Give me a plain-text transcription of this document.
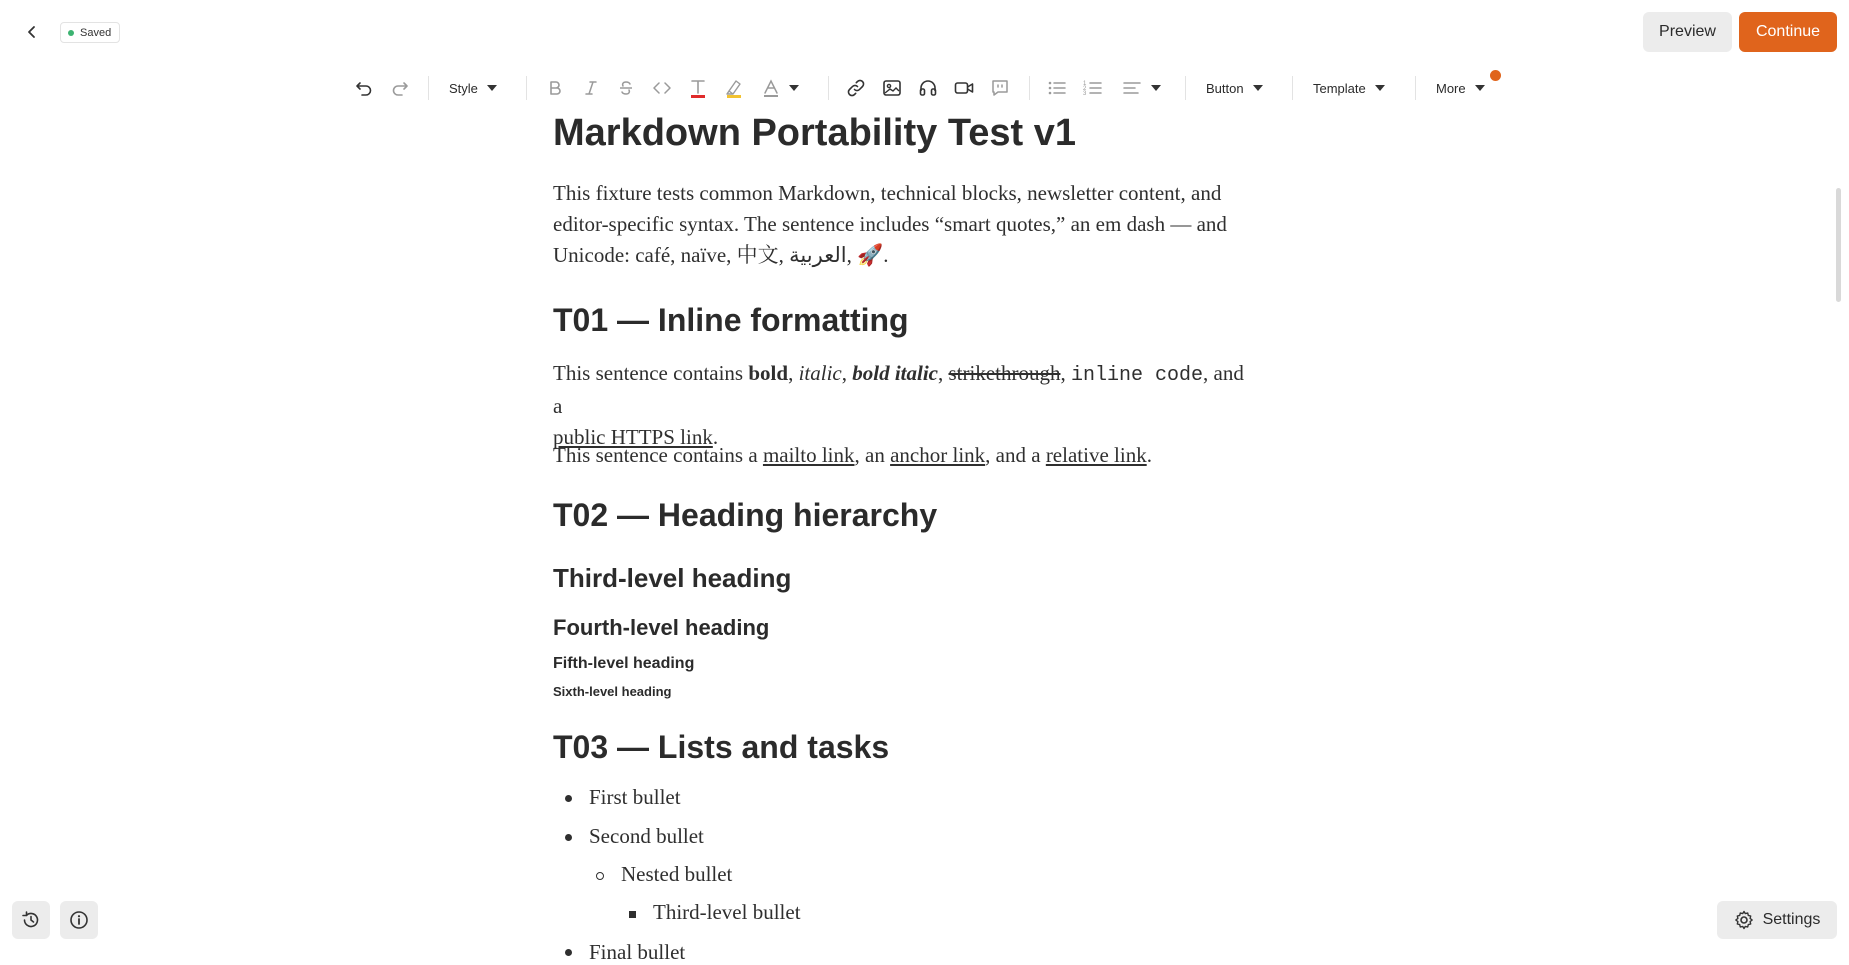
Saved	Preview	Continue
Style	1
2
3	Button	Template	More
Markdown Portability Test v1
This fixture tests common Markdown, technical blocks, newsletter content, and
editor-specific syntax. The sentence includes “smart quotes,” an em dash — and
Unicode: café, naïve, 中文, العربية, 🚀.
T01 — Inline formatting
This sentence contains bold, italic, bold italic, strikethrough, inline code, and a
public HTTPS link.
This sentence contains a mailto link, an anchor link, and a relative link.
T02 — Heading hierarchy
Third-level heading
Fourth-level heading
Fifth-level heading
Sixth-level heading
T03 — Lists and tasks
First bullet
Second bullet
Nested bullet
Third-level bullet
Final bullet
Settings
